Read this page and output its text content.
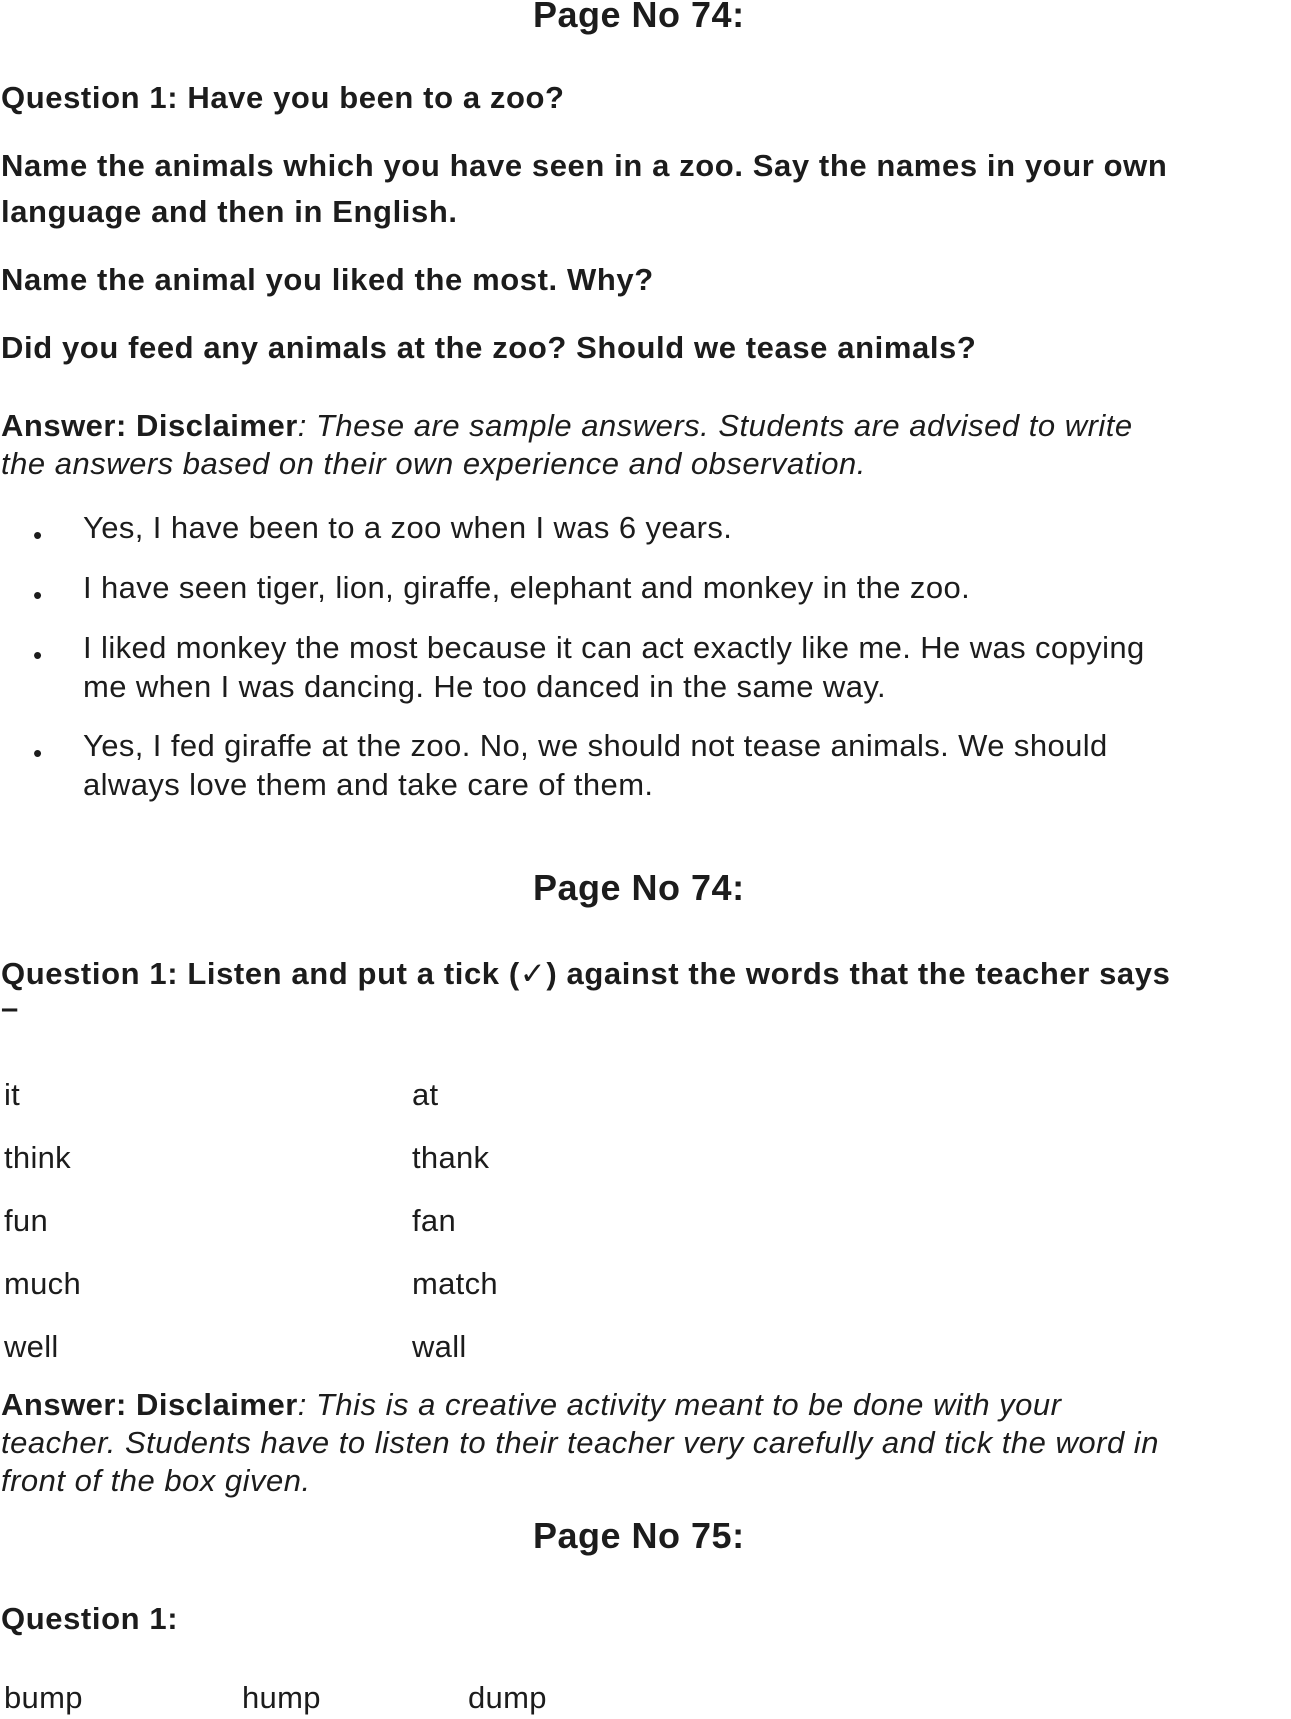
Page No 74:
Question 1: Have you been to a zoo?
Name the animals which you have seen in a zoo. Say the names in your own
language and then in English.
Name the animal you liked the most. Why?
Did you feed any animals at the zoo? Should we tease animals?
Answer: Disclaimer: These are sample answers. Students are advised to write
the answers based on their own experience and observation.
• Yes, I have been to a zoo when I was 6 years.
• I have seen tiger, lion, giraffe, elephant and monkey in the zoo.
• I liked monkey the most because it can act exactly like me. He was copying
me when I was dancing. He too danced in the same way.
• Yes, I fed giraffe at the zoo. No, we should not tease animals. We should
always love them and take care of them.
Page No 74:
Question 1: Listen and put a tick (✓) against the words that the teacher says
–
it	at
think	thank
fun	fan
much	match
well	wall
Answer: Disclaimer: This is a creative activity meant to be done with your
teacher. Students have to listen to their teacher very carefully and tick the word in
front of the box given.
Page No 75:
Question 1:
bump	hump	dump
